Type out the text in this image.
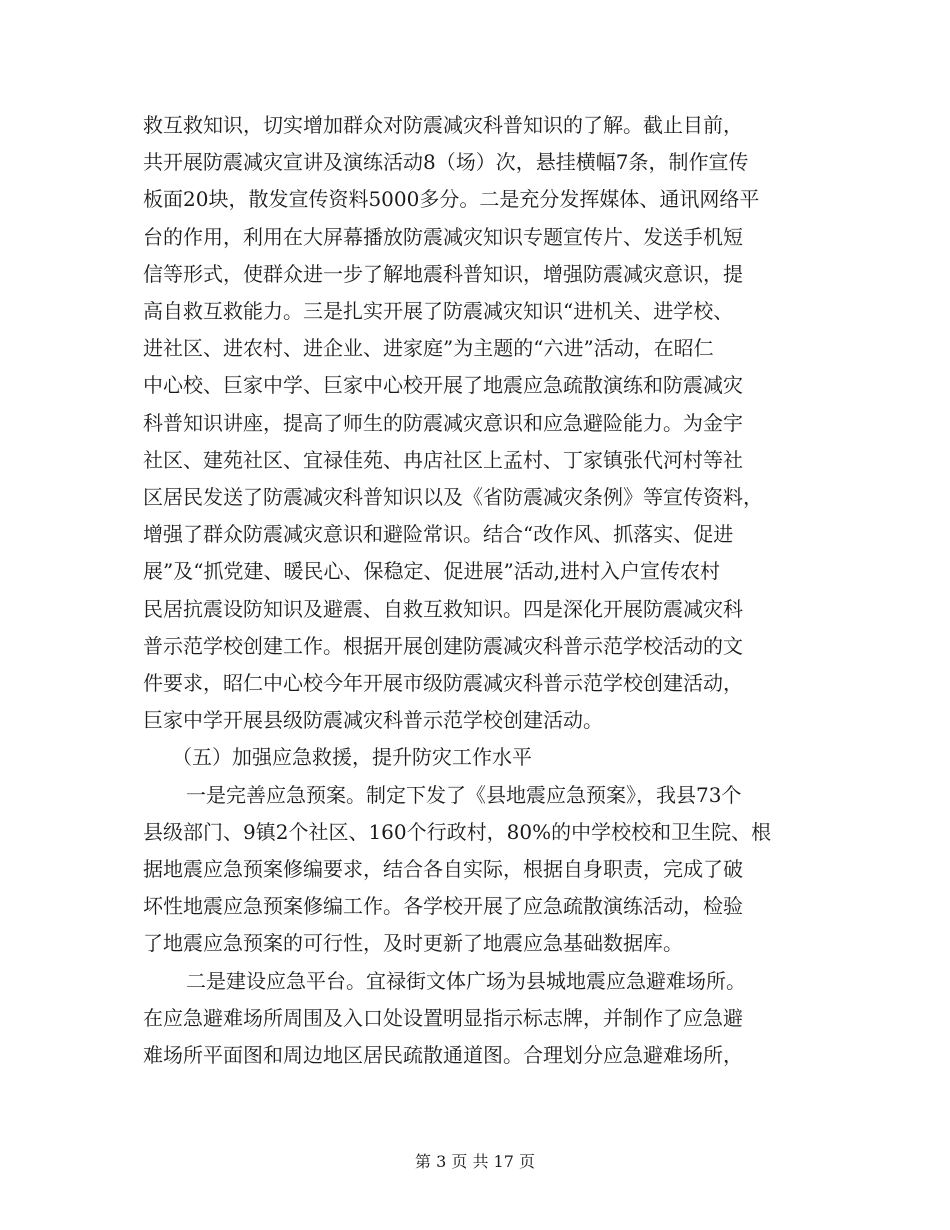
救互救知识，切实增加群众对防震减灾科普知识的了解。截止目前，
共开展防震减灾宣讲及演练活动8（场）次，悬挂横幅7条，制作宣传
板面20块，散发宣传资料5000多分。二是充分发挥媒体、通讯网络平
台的作用，利用在大屏幕播放防震减灾知识专题宣传片、发送手机短
信等形式，使群众进一步了解地震科普知识，增强防震减灾意识，提
高自救互救能力。三是扎实开展了防震减灾知识“进机关、进学校、
进社区、进农村、进企业、进家庭”为主题的“六进”活动，在昭仁
中心校、巨家中学、巨家中心校开展了地震应急疏散演练和防震减灾
科普知识讲座，提高了师生的防震减灾意识和应急避险能力。为金宇
社区、建苑社区、宜禄佳苑、冉店社区上孟村、丁家镇张代河村等社
区居民发送了防震减灾科普知识以及《省防震减灾条例》等宣传资料，
增强了群众防震减灾意识和避险常识。结合“改作风、抓落实、促进
展”及“抓党建、暖民心、保稳定、促进展”活动,进村入户宣传农村
民居抗震设防知识及避震、自救互救知识。四是深化开展防震减灾科
普示范学校创建工作。根据开展创建防震减灾科普示范学校活动的文
件要求，昭仁中心校今年开展市级防震减灾科普示范学校创建活动，
巨家中学开展县级防震减灾科普示范学校创建活动。
（五）加强应急救援，提升防灾工作水平
一是完善应急预案。制定下发了《县地震应急预案》，我县73个
县级部门、9镇2个社区、160个行政村，80%的中学校校和卫生院、根
据地震应急预案修编要求，结合各自实际，根据自身职责，完成了破
坏性地震应急预案修编工作。各学校开展了应急疏散演练活动，检验
了地震应急预案的可行性，及时更新了地震应急基础数据库。
二是建设应急平台。宜禄街文体广场为县城地震应急避难场所。
在应急避难场所周围及入口处设置明显指示标志牌，并制作了应急避
难场所平面图和周边地区居民疏散通道图。合理划分应急避难场所，
第 3 页 共 17 页
